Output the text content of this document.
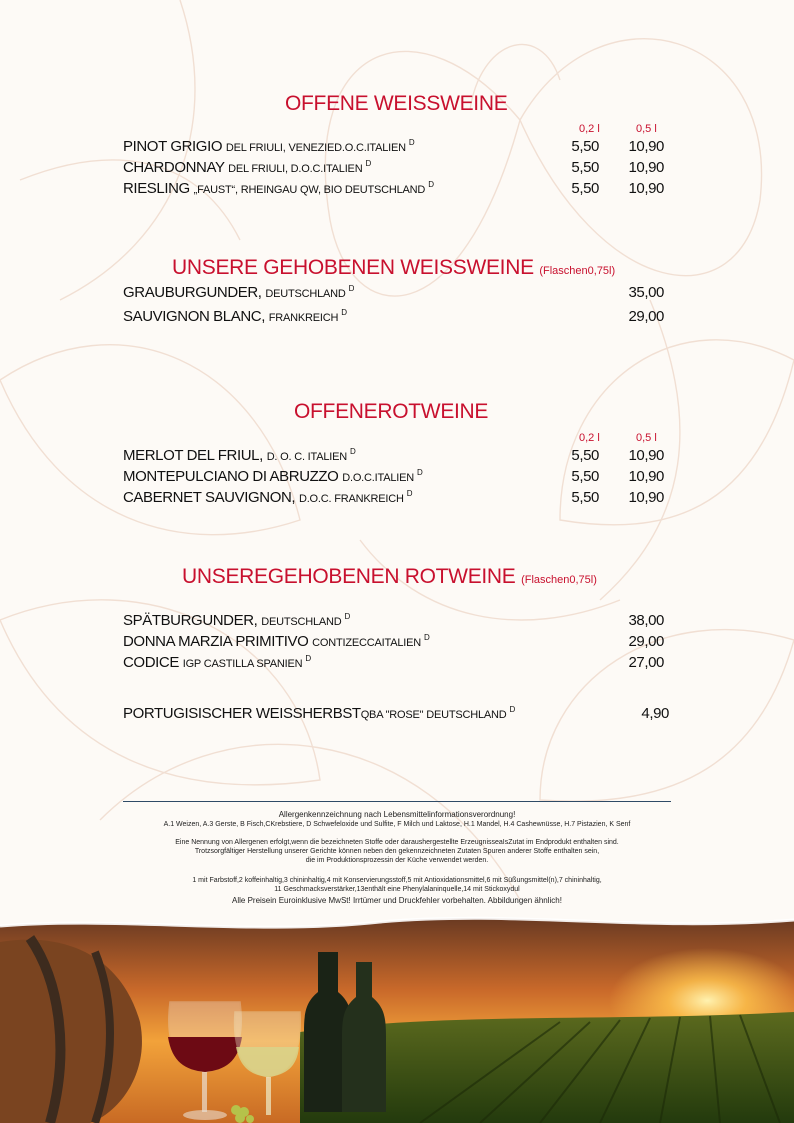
OFFENE WEISSWEINE
0,2 l	0,5 l
PINOT GRIGIO DEL FRIULI, VENEZIED.O.C.ITALIEN $^D$	5,50 10,90
CHARDONNAY DEL FRIULI, D.O.C.ITALIEN $^D$	5,50 10,90
RIESLING „FAUST“, RHEINGAU QW, BIO DEUTSCHLAND $^D$	5,50 10,90
UNSERE GEHOBENEN WEISSWEINE (Flaschen0,75l)
GRAUBURGUNDER, DEUTSCHLAND $^D$	35,00
SAUVIGNON BLANC, FRANKREICH $^D$	29,00
OFFENEROTWEINE
0,2 l	0,5 l
MERLOT DEL FRIUL, D. O. C. ITALIEN $^D$	5,50 10,90
MONTEPULCIANO DI ABRUZZO D.O.C.ITALIEN $^D$	5,50 10,90
CABERNET SAUVIGNON, D.O.C. FRANKREICH $^D$	5,50 10,90
UNSEREGEHOBENEN ROTWEINE (Flaschen0,75l)
SPÄTBURGUNDER, DEUTSCHLAND $^D$	38,00
DONNA MARZIA PRIMITIVO CONTIZECCAITALIEN $^D$	29,00
CODICE IGP CASTILLA SPANIEN $^D$	27,00
PORTUGISISCHER WEISSHERBSTQBA "ROSE" DEUTSCHLAND $^D$	4,90
Allergenkennzeichnung nach Lebensmittelinformationsverordnung!
A.1 Weizen, A.3 Gerste, B Fisch,CKrebstiere, D Schwefeloxide und Sulfite, F Milch und Laktose, H.1 Mandel, H.4 Cashewnüsse, H.7 Pistazien, K Senf
Eine Nennung von Allergenen erfolgt,wenn die bezeichneten Stoffe oder daraushergestellte ErzeugnisseaIsZutat im Endprodukt enthalten sind.
Trotzsorgfältiger Herstellung unserer Gerichte können neben den gekennzeichneten Zutaten Spuren anderer Stoffe enthalten sein,
die im Produktionsprozessin der Küche verwendet werden.
1 mit Farbstoff,2 koffeinhaltig,3 chininhaltig,4 mit Konservierungsstoff,5 mit Antioxidationsmittel,6 mit Süßungsmittel(n),7 chininhaltig,
11 Geschmacksverstärker,13enthält eine Phenylalaninquelle,14 mit Stickoxydul
Alle Preisein Euroinklusive MwSt! Irrtümer und Druckfehler vorbehalten. Abbildungen ähnlich!
